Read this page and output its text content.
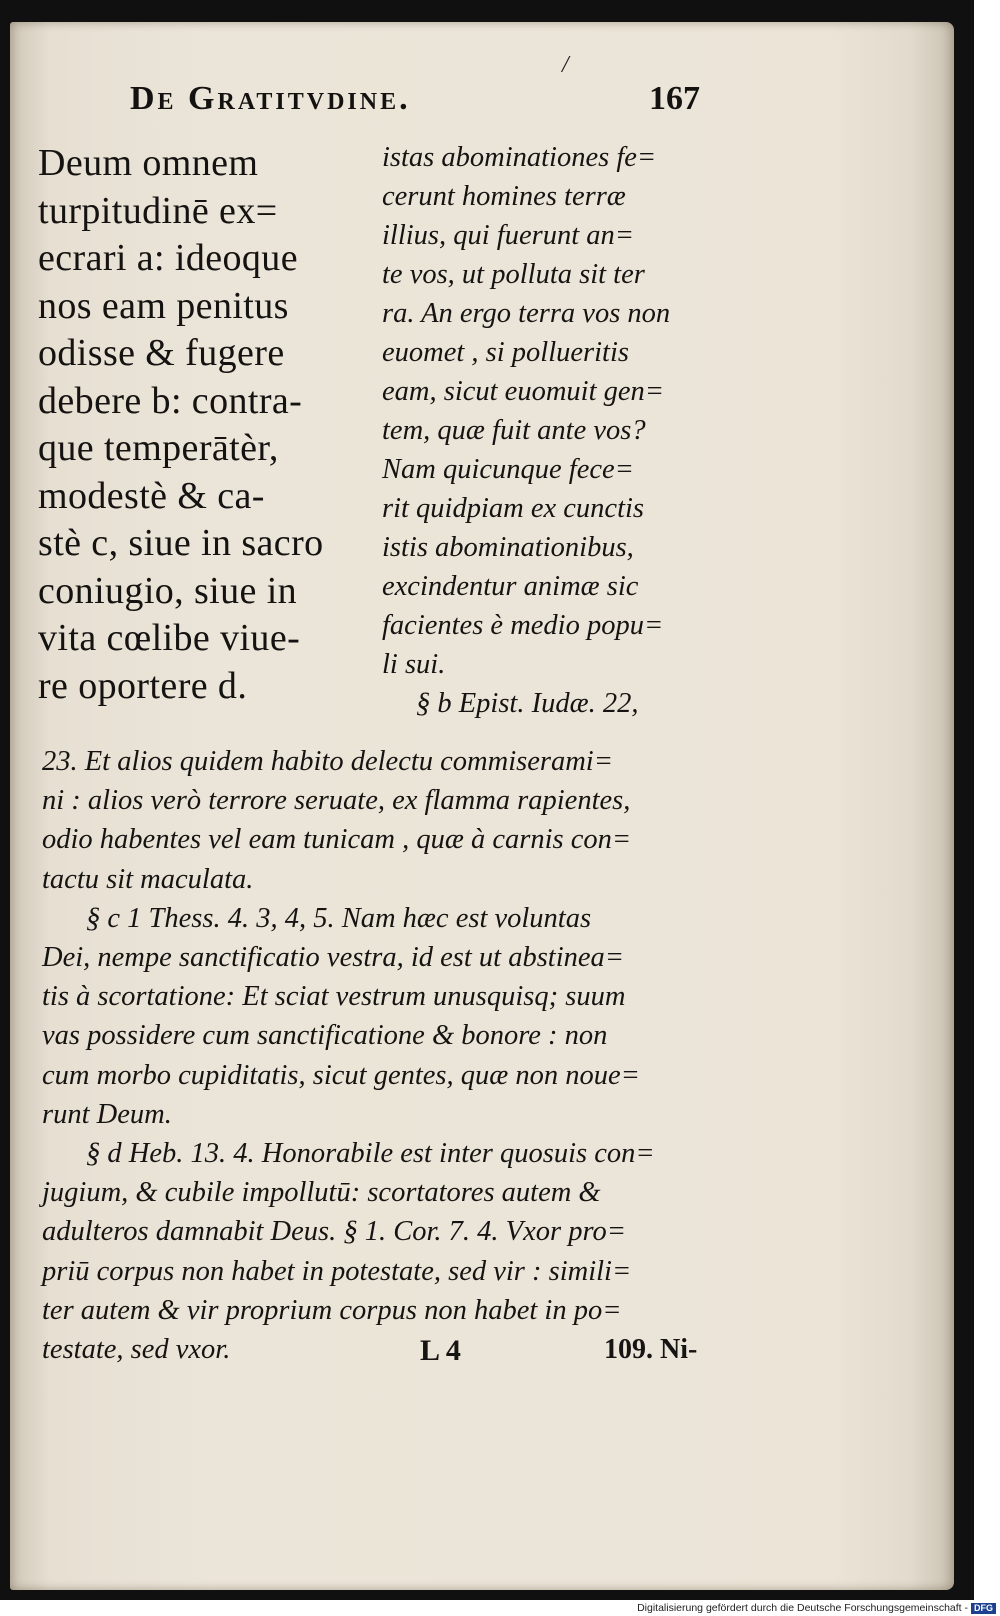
/
De Gratitvdine.	167
Deum omnem
turpitudinē ex=
ecrari a: ideoque
nos eam penitus
odisse & fugere
debere b: contra-
que temperātèr,
modestè & ca-
stè c, siue in sacro
coniugio, siue in
vita cœlibe viue-
re oportere d.
istas abominationes fe=
cerunt homines terræ
illius, qui fuerunt an=
te vos, ut polluta sit ter
ra. An ergo terra vos non
euomet , si pollueritis
eam, sicut euomuit gen=
tem, quæ fuit ante vos?
Nam quicunque fece=
rit quidpiam ex cunctis
istis abominationibus,
excindentur animæ sic
facientes è medio popu=
li sui.
§ b Epist. Iudæ. 22,
23. Et alios quidem habito delectu commiserami=
ni : alios verò terrore seruate, ex flamma rapientes,
odio habentes vel eam tunicam , quæ à carnis con=
tactu sit maculata.
§ c 1 Thess. 4. 3, 4, 5. Nam hæc est voluntas
Dei, nempe sanctificatio vestra, id est ut abstinea=
tis à scortatione: Et sciat vestrum unusquisq; suum
vas possidere cum sanctificatione & bonore : non
cum morbo cupiditatis, sicut gentes, quæ non noue=
runt Deum.
§ d Heb. 13. 4. Honorabile est inter quosuis con=
jugium, & cubile impollutū: scortatores autem &
adulteros damnabit Deus. § 1. Cor. 7. 4. Vxor pro=
priū corpus non habet in potestate, sed vir : simili=
ter autem & vir proprium corpus non habet in po=
testate, sed vxor.	L 4	109. Ni-
Digitalisierung gefördert durch die Deutsche Forschungsgemeinschaft - DFG
